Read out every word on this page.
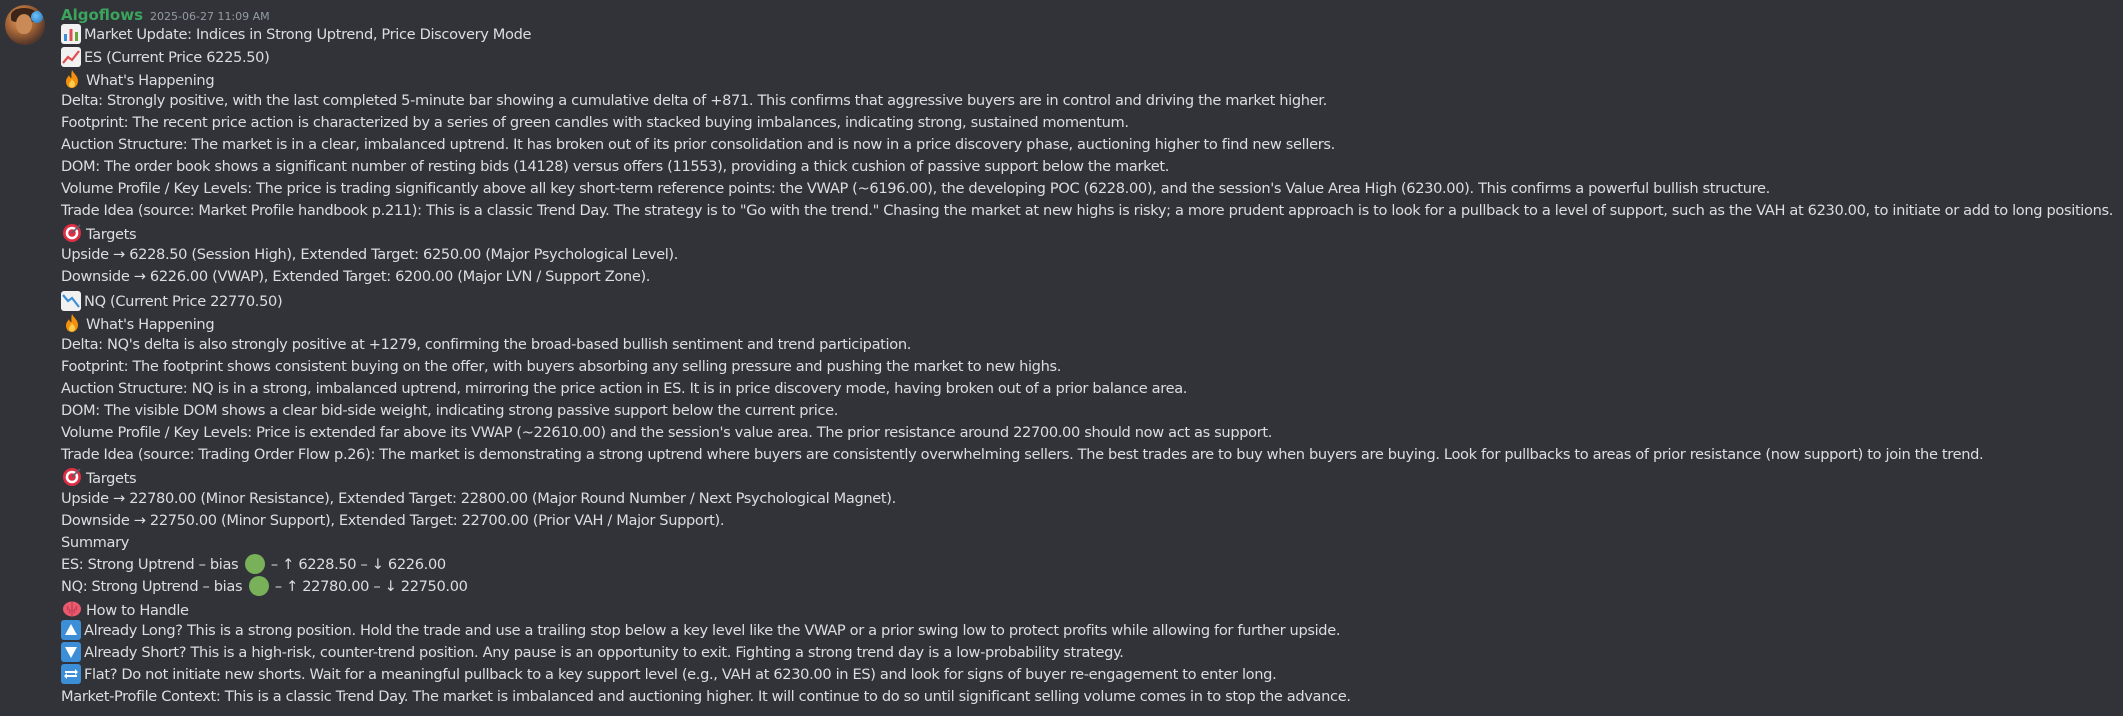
Algoflows 2025-06-27 11:09 AM
Market Update: Indices in Strong Uptrend, Price Discovery Mode
ES (Current Price 6225.50)
What's Happening
Delta: Strongly positive, with the last completed 5-minute bar showing a cumulative delta of +871. This confirms that aggressive buyers are in control and driving the market higher.
Footprint: The recent price action is characterized by a series of green candles with stacked buying imbalances, indicating strong, sustained momentum.
Auction Structure: The market is in a clear, imbalanced uptrend. It has broken out of its prior consolidation and is now in a price discovery phase, auctioning higher to find new sellers.
DOM: The order book shows a significant number of resting bids (14128) versus offers (11553), providing a thick cushion of passive support below the market.
Volume Profile / Key Levels: The price is trading significantly above all key short-term reference points: the VWAP (~6196.00), the developing POC (6228.00), and the session's Value Area High (6230.00). This confirms a powerful bullish structure.
Trade Idea (source: Market Profile handbook p.211): This is a classic Trend Day. The strategy is to "Go with the trend." Chasing the market at new highs is risky; a more prudent approach is to look for a pullback to a level of support, such as the VAH at 6230.00, to initiate or add to long positions.
Targets
Upside → 6228.50 (Session High), Extended Target: 6250.00 (Major Psychological Level).
Downside → 6226.00 (VWAP), Extended Target: 6200.00 (Major LVN / Support Zone).
NQ (Current Price 22770.50)
What's Happening
Delta: NQ's delta is also strongly positive at +1279, confirming the broad-based bullish sentiment and trend participation.
Footprint: The footprint shows consistent buying on the offer, with buyers absorbing any selling pressure and pushing the market to new highs.
Auction Structure: NQ is in a strong, imbalanced uptrend, mirroring the price action in ES. It is in price discovery mode, having broken out of a prior balance area.
DOM: The visible DOM shows a clear bid-side weight, indicating strong passive support below the current price.
Volume Profile / Key Levels: Price is extended far above its VWAP (~22610.00) and the session's value area. The prior resistance around 22700.00 should now act as support.
Trade Idea (source: Trading Order Flow p.26): The market is demonstrating a strong uptrend where buyers are consistently overwhelming sellers. The best trades are to buy when buyers are buying. Look for pullbacks to areas of prior resistance (now support) to join the trend.
Targets
Upside → 22780.00 (Minor Resistance), Extended Target: 22800.00 (Major Round Number / Next Psychological Magnet).
Downside → 22750.00 (Minor Support), Extended Target: 22700.00 (Prior VAH / Major Support).
Summary
ES: Strong Uptrend – bias – ↑ 6228.50 – ↓ 6226.00
NQ: Strong Uptrend – bias – ↑ 22780.00 – ↓ 22750.00
How to Handle
Already Long? This is a strong position. Hold the trade and use a trailing stop below a key level like the VWAP or a prior swing low to protect profits while allowing for further upside.
Already Short? This is a high-risk, counter-trend position. Any pause is an opportunity to exit. Fighting a strong trend day is a low-probability strategy.
Flat? Do not initiate new shorts. Wait for a meaningful pullback to a key support level (e.g., VAH at 6230.00 in ES) and look for signs of buyer re-engagement to enter long.
Market-Profile Context: This is a classic Trend Day. The market is imbalanced and auctioning higher. It will continue to do so until significant selling volume comes in to stop the advance.
